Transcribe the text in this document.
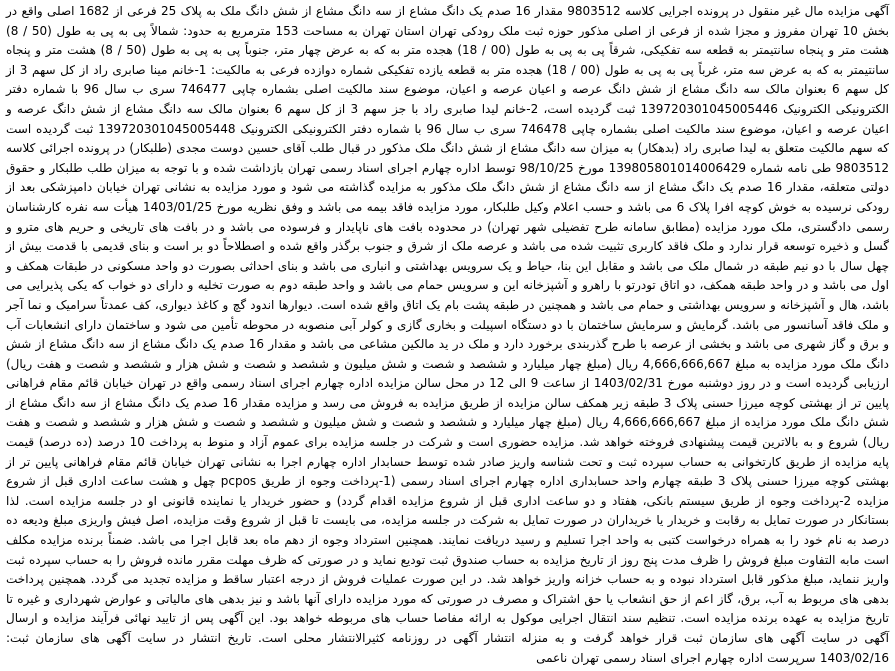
آگهی مزایده مال غیر منقول در پرونده اجرایی کلاسه 9803512 مقدار 16 صدم یک دانگ مشاع از سه دانگ مشاع از شش دانگ ملک به پلاک 25 فرعی از 1682 اصلی واقع در بخش 10 تهران مفروز و مجزا شده از فرعی از اصلی مذکور حوزه ثبت ملک رودکی تهران استان تهران به مساحت 153 مترمربع به حدود: شمالاً پی به پی به طول (50 / 8) هشت متر و پنجاه سانتیمتر به قطعه سه تفکیکی، شرقاً پی به پی به طول (00 / 18) هجده متر به که به عرض چهار متر، جنوباً پی به پی به طول (50 / 8) هشت متر و پنجاه سانتیمتر به که به عرض سه متر، غرباً پی به پی به طول (00 / 18) هجده متر به قطعه یازده تفکیکی شماره دوازده فرعی به مالکیت: 1-خانم مینا صابری راد از کل سهم 3 از کل سهم 6 بعنوان مالک سه دانگ مشاع از شش دانگ عرصه و اعیان عرصه و اعیان، موضوع سند مالکیت اصلی بشماره چاپی 746477 سری ب سال 96 با شماره دفتر الکترونیکی الکترونیک 139720301045005446 ثبت گردیده است، 2-خانم لیدا صابری راد با جز سهم 3 از کل سهم 6 بعنوان مالک سه دانگ مشاع از شش دانگ عرصه و اعیان عرصه و اعیان، موضوع سند مالکیت اصلی بشماره چاپی 746478 سری ب سال 96 با شماره دفتر الکترونیکی الکترونیک 139720301045005448 ثبت گردیده است که سهم مالکیت متعلق به لیدا صابری راد (بدهکار) به میزان سه دانگ مشاع از شش دانگ ملک مذکور در قبال طلب آقای حسین دوست مجدی (طلبکار) در پرونده اجرائی کلاسه 9803512 طی نامه شماره 139805801014006429 مورخ 98/10/25 توسط اداره چهارم اجرای اسناد رسمی تهران بازداشت شده و با توجه به میزان طلب طلبکار و حقوق دولتی متعلقه، مقدار 16 صدم یک دانگ مشاع از سه دانگ مشاع از شش دانگ ملک مذکور به مزایده گذاشته می شود و مورد مزایده به نشانی تهران خیابان دامپزشکی بعد از رودکی نرسیده به خوش کوچه افرا پلاک 6 می باشد و حسب اعلام وکیل طلبکار، مورد مزایده فاقد بیمه می باشد و وفق نظریه مورخ 1403/01/25 هیأت سه نفره کارشناسان رسمی دادگستری، ملک مورد مزایده (مطابق سامانه طرح تفضیلی شهر تهران) در محدوده بافت های ناپایدار و فرسوده می باشد و در بافت های تاریخی و حریم های مترو و گسل و ذخیره توسعه قرار ندارد و ملک فاقد کاربری تثبیت شده می باشد و عرصه ملک از شرق و جنوب برگذر واقع شده و اصطلاحاً دو بر است و بنای قدیمی با قدمت بیش از چهل سال با دو نیم طبقه در شمال ملک می باشد و مقابل این بنا، حیاط و یک سرویس بهداشتی و انباری می باشد و بنای احداثی بصورت دو واحد مسکونی در طبقات همکف و اول می باشد و در واحد طبقه همکف، دو اتاق تودرتو با راهرو و آشپزخانه این و سرویس حمام می باشد و واحد طبقه دوم به صورت تخلیه و دارای دو خواب که یکی پذیرایی می باشد، هال و آشپزخانه و سرویس بهداشتی و حمام می باشد و همچنین در طبقه پشت بام یک اتاق واقع شده است. دیوارها اندود گچ و کاغذ دیواری، کف عمدتاً سرامیک و نما آجر و ملک فاقد آسانسور می باشد. گرمایش و سرمایش ساختمان با دو دستگاه اسپیلت و بخاری گازی و کولر آبی منصوبه در محوطه تأمین می شود و ساختمان دارای انشعابات آب و برق و گاز شهری می باشد و بخشی از عرصه با طرح گذربندی برخورد دارد و ملک در ید مالکین مشاعی می باشد و مقدار 16 صدم یک دانگ مشاع از سه دانگ مشاع از شش دانگ ملک مورد مزایده به مبلغ 4,666,666,667 ریال (مبلغ چهار میلیارد و ششصد و شصت و شش میلیون و ششصد و شصت و شش هزار و ششصد و شصت و هفت ریال) ارزیابی گردیده است و در روز دوشنبه مورخ 1403/02/31 از ساعت 9 الی 12 در محل سالن مزایده اداره چهارم اجرای اسناد رسمی واقع در تهران خیابان قائم مقام فراهانی پایین تر از بهشتی کوچه میرزا حسنی پلاک 3 طبقه زیر همکف سالن مزایده از طریق مزایده به فروش می رسد و مزایده مقدار 16 صدم یک دانگ مشاع از سه دانگ مشاع از شش دانگ ملک مورد مزایده از مبلغ 4,666,666,667 ریال (مبلغ چهار میلیارد و ششصد و شصت و شش میلیون و ششصد و شصت و شش هزار و ششصد و شصت و هفت ریال) شروع و به بالاترین قیمت پیشنهادی فروخته خواهد شد. مزایده حضوری است و شرکت در جلسه مزایده برای عموم آزاد و منوط به پرداخت 10 درصد (ده درصد) قیمت پایه مزایده از طریق کارتخوانی به حساب سپرده ثبت و تحت شناسه واریز صادر شده توسط حسابدار اداره چهارم اجرا به نشانی تهران خیابان قائم مقام فراهانی پایین تر از بهشتی کوچه میرزا حسنی پلاک 3 طبقه چهارم واحد حسابداری اداره چهارم اجرای اسناد رسمی (1-پرداخت وجوه از طریق pcpos چهل و هشت ساعت اداری قبل از شروع مزایده 2-پرداخت وجوه از طریق سیستم بانکی، هفتاد و دو ساعت اداری قبل از شروع مزایده اقدام گردد) و حضور خریدار یا نماینده قانونی او در جلسه مزایده است. لذا بستانکار در صورت تمایل به رقابت و خریدار یا خریداران در صورت تمایل به شرکت در جلسه مزایده، می بایست تا قبل از شروع وقت مزایده، اصل فیش واریزی مبلغ ودیعه ده درصد به نام خود را به همراه درخواست کتبی به واحد اجرا تسلیم و رسید دریافت نمایند. همچنین استرداد وجوه از دهم ماه بعد قابل اجرا می باشد. ضمناً برنده مزایده مکلف است مابه التفاوت مبلغ فروش را ظرف مدت پنج روز از تاریخ مزایده به حساب صندوق ثبت تودیع نماید و در صورتی که ظرف مهلت مقرر مانده فروش را به حساب سپرده ثبت واریز ننماید، مبلغ مذکور قابل استرداد نبوده و به حساب خزانه واریز خواهد شد. در این صورت عملیات فروش از درجه اعتبار ساقط و مزایده تجدید می گردد. همچنین پرداخت بدهی های مربوط به آب، برق، گاز اعم از حق انشعاب یا حق اشتراک و مصرف در صورتی که مورد مزایده دارای آنها باشد و نیز بدهی های مالیاتی و عوارض شهرداری و غیره تا تاریخ مزایده به عهده برنده مزایده است. تنظیم سند انتقال اجرایی موکول به ارائه مفاصا حساب های مربوطه خواهد بود. این آگهی پس از تایید نهائی فرآیند مزایده و ارسال آگهی در سایت آگهی های سازمان ثبت قرار خواهد گرفت و به منزله انتشار آگهی در روزنامه کثیرالانتشار محلی است. تاریخ انتشار در سایت آگهی های سازمان ثبت: 1403/02/16 سرپرست اداره چهارم اجرای اسناد رسمی تهران ناعمی
